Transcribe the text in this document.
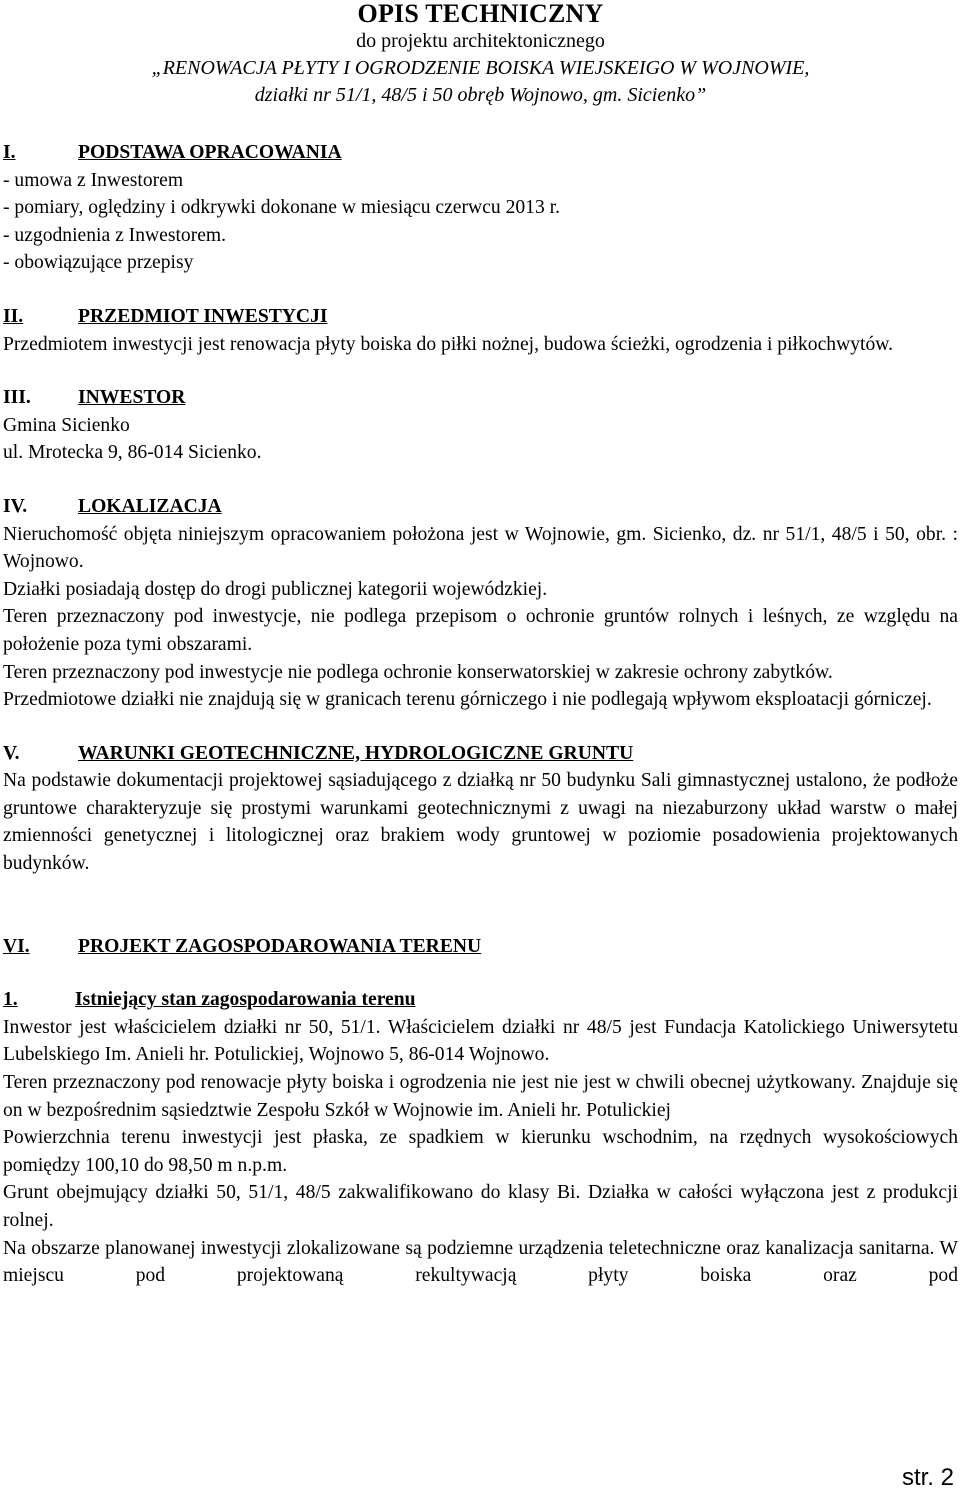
OPIS TECHNICZNY
do projektu architektonicznego
„RENOWACJA PŁYTY I OGRODZENIE BOISKA WIEJSKEIGO W WOJNOWIE,
działki nr 51/1, 48/5 i 50 obręb Wojnowo, gm. Sicienko”
I.	PODSTAWA OPRACOWANIA
- umowa z Inwestorem
- pomiary, oględziny i odkrywki dokonane w miesiącu czerwcu 2013 r.
- uzgodnienia z Inwestorem.
- obowiązujące przepisy
II.	PRZEDMIOT INWESTYCJI

Przedmiotem inwestycji jest renowacja płyty boiska do piłki nożnej, budowa ścieżki, ogrodzenia i piłkochwytów.

III.	INWESTOR

Gmina Sicienko

ul. Mrotecka 9, 86-014 Sicienko.

IV.	LOKALIZACJA

Nieruchomość objęta niniejszym opracowaniem położona jest w Wojnowie, gm. Sicienko, dz. nr 51/1, 48/5 i 50, obr. : Wojnowo.

Działki posiadają dostęp do drogi publicznej kategorii wojewódzkiej.

Teren przeznaczony pod inwestycje, nie podlega przepisom o ochronie gruntów rolnych i leśnych, ze względu na położenie poza tymi obszarami.

Teren przeznaczony pod inwestycje nie podlega ochronie konserwatorskiej w zakresie ochrony zabytków.

Przedmiotowe działki nie znajdują się w granicach terenu górniczego i nie podlegają wpływom eksploatacji górniczej.

V.	WARUNKI GEOTECHNICZNE, HYDROLOGICZNE GRUNTU

Na podstawie dokumentacji projektowej sąsiadującego z działką nr 50 budynku Sali gimnastycznej ustalono, że podłoże gruntowe charakteryzuje się prostymi warunkami geotechnicznymi z uwagi na niezaburzony układ warstw o małej zmienności genetycznej i litologicznej oraz brakiem wody gruntowej w poziomie posadowienia projektowanych budynków.

VI.	PROJEKT ZAGOSPODAROWANIA TERENU
1.	Istniejący stan zagospodarowania terenu

Inwestor jest właścicielem działki nr 50, 51/1. Właścicielem działki nr 48/5 jest Fundacja Katolickiego Uniwersytetu Lubelskiego Im. Anieli hr. Potulickiej, Wojnowo 5, 86-014 Wojnowo.

Teren przeznaczony pod renowacje płyty boiska i ogrodzenia nie jest nie jest w chwili obecnej użytkowany. Znajduje się on w bezpośrednim sąsiedztwie Zespołu Szkół w Wojnowie im. Anieli hr. Potulickiej

Powierzchnia terenu inwestycji jest płaska, ze spadkiem w kierunku wschodnim, na rzędnych wysokościowych pomiędzy 100,10 do 98,50 m n.p.m.

Grunt obejmujący działki 50, 51/1, 48/5 zakwalifikowano do klasy Bi. Działka w całości wyłączona jest z produkcji rolnej.

Na obszarze planowanej inwestycji zlokalizowane są podziemne urządzenia teletechniczne oraz kanalizacja sanitarna. W miejscu pod projektowaną rekultywacją płyty boiska oraz pod

str. 2
